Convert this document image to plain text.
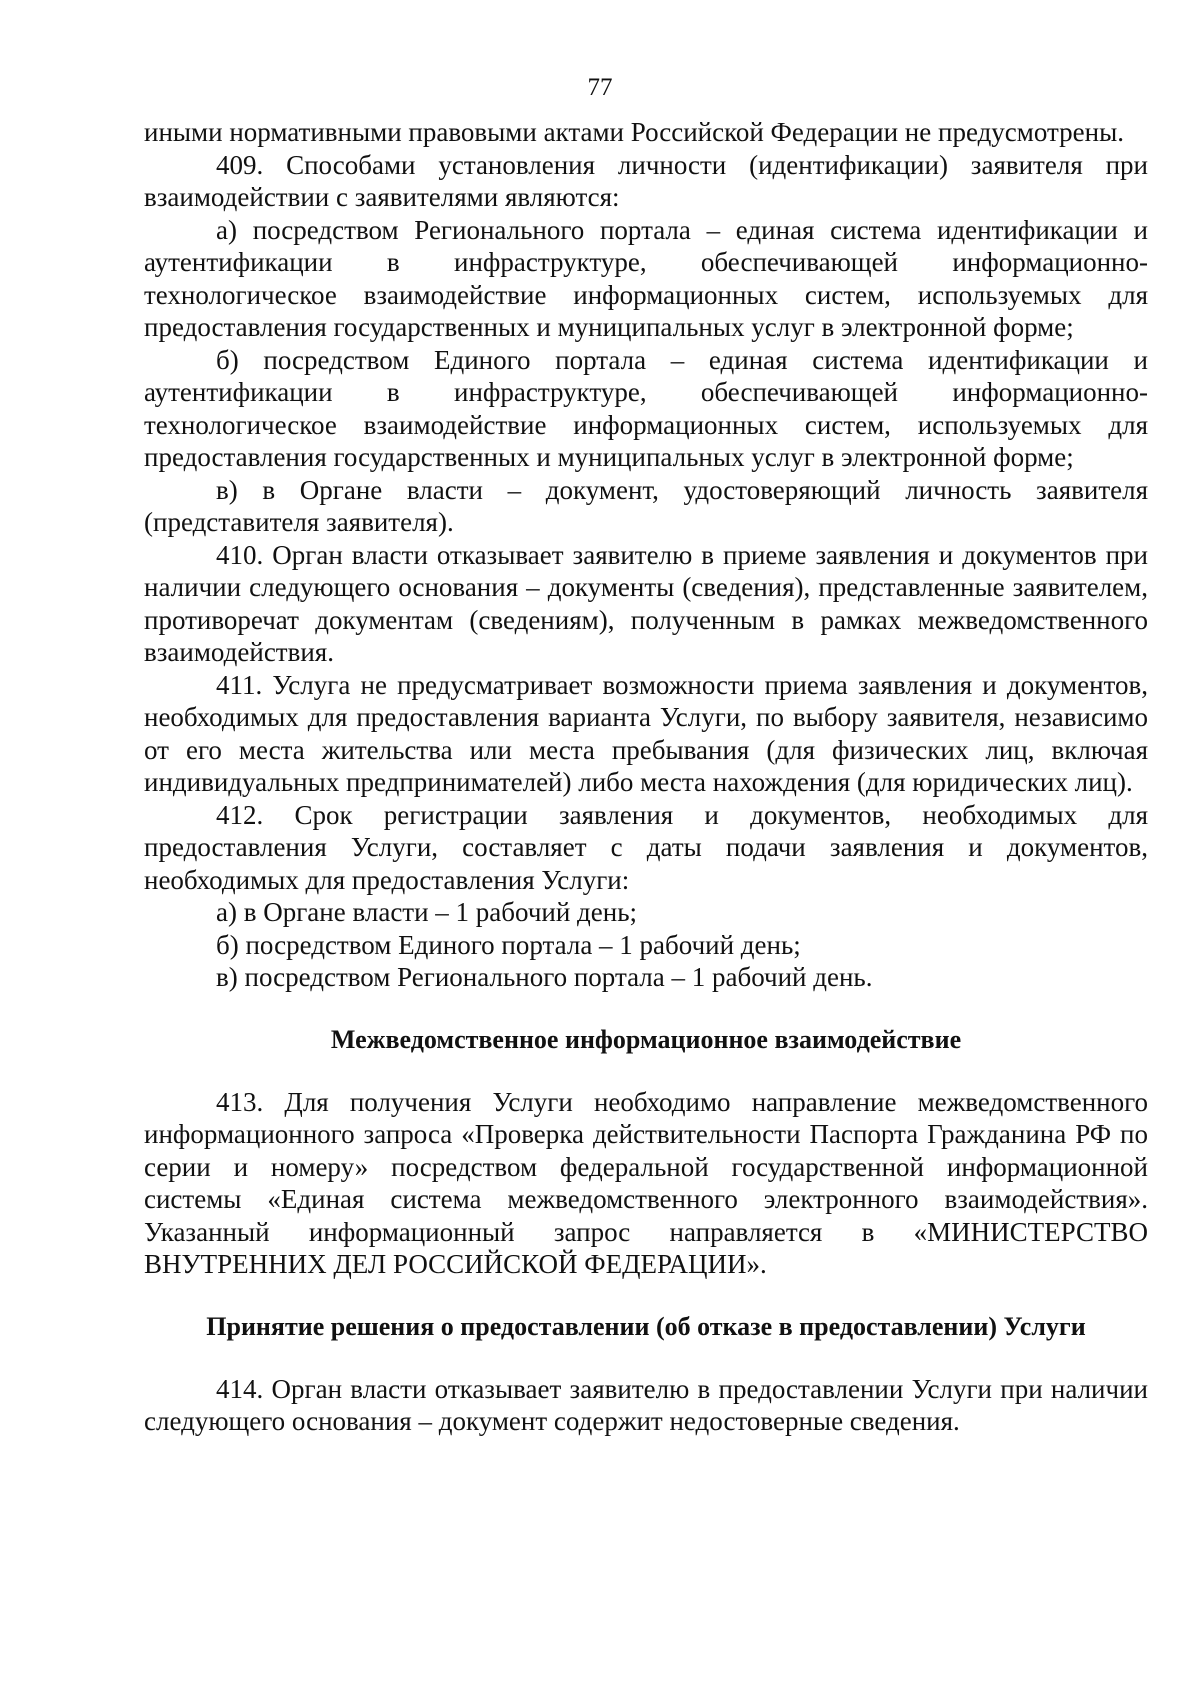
77

иными нормативными правовыми актами Российской Федерации не предусмотрены.

409. Способами установления личности (идентификации) заявителя при взаимодействии с заявителями являются:

а) посредством Регионального портала – единая система идентификации и аутентификации в инфраструктуре, обеспечивающей информационно-технологическое взаимодействие информационных систем, используемых для предоставления государственных и муниципальных услуг в электронной форме;

б) посредством Единого портала – единая система идентификации и аутентификации в инфраструктуре, обеспечивающей информационно-технологическое взаимодействие информационных систем, используемых для предоставления государственных и муниципальных услуг в электронной форме;

в) в Органе власти – документ, удостоверяющий личность заявителя (представителя заявителя).

410. Орган власти отказывает заявителю в приеме заявления и документов при наличии следующего основания – документы (сведения), представленные заявителем, противоречат документам (сведениям), полученным в рамках межведомственного взаимодействия.

411. Услуга не предусматривает возможности приема заявления и документов, необходимых для предоставления варианта Услуги, по выбору заявителя, независимо от его места жительства или места пребывания (для физических лиц, включая индивидуальных предпринимателей) либо места нахождения (для юридических лиц).

412. Срок регистрации заявления и документов, необходимых для предоставления Услуги, составляет с даты подачи заявления и документов, необходимых для предоставления Услуги:

а) в Органе власти – 1 рабочий день;

б) посредством Единого портала – 1 рабочий день;

в) посредством Регионального портала – 1 рабочий день.

Межведомственное информационное взаимодействие

413. Для получения Услуги необходимо направление межведомственного информационного запроса «Проверка действительности Паспорта Гражданина РФ по серии и номеру» посредством федеральной государственной информационной системы «Единая система межведомственного электронного взаимодействия». Указанный информационный запрос направляется в «МИНИСТЕРСТВО ВНУТРЕННИХ ДЕЛ РОССИЙСКОЙ ФЕДЕРАЦИИ».

Принятие решения о предоставлении (об отказе в предоставлении) Услуги

414. Орган власти отказывает заявителю в предоставлении Услуги при наличии следующего основания – документ содержит недостоверные сведения.
